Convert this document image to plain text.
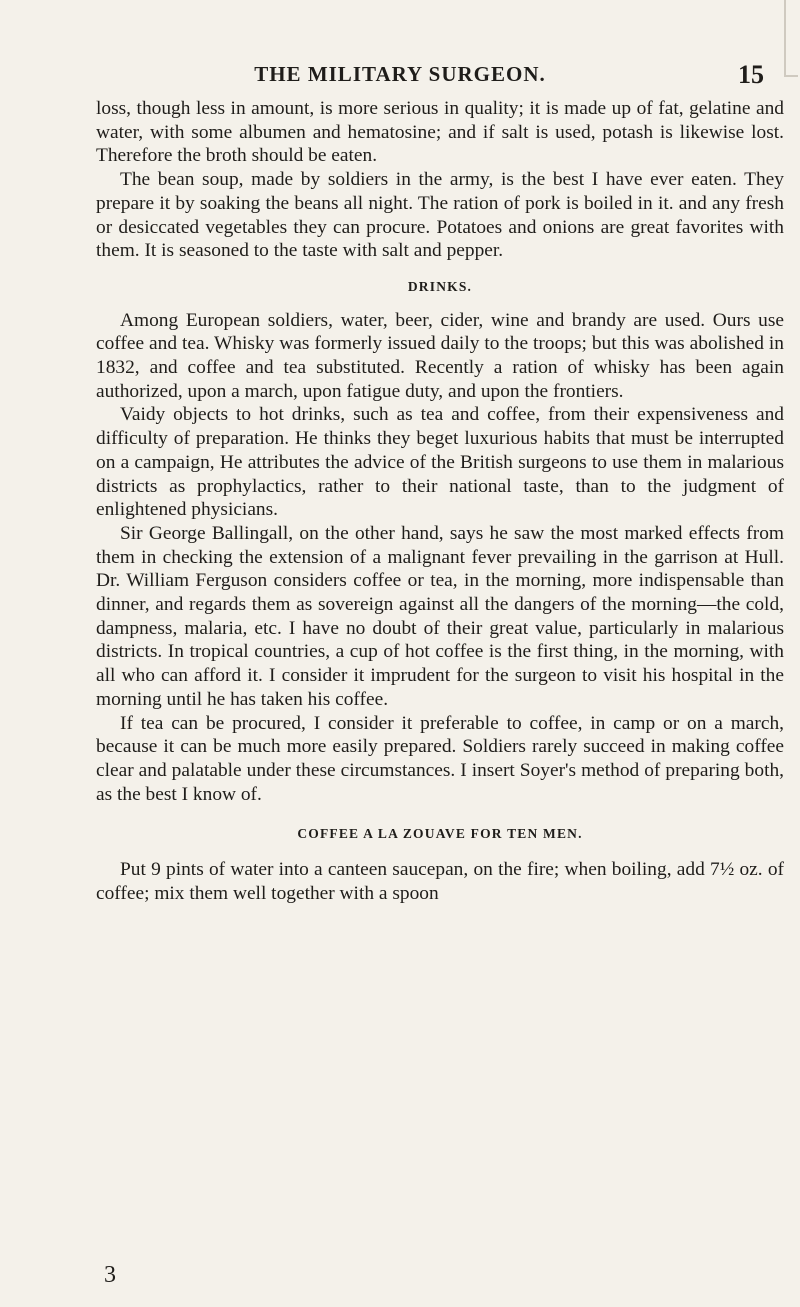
THE MILITARY SURGEON.	15

loss, though less in amount, is more serious in quality; it is made up of fat, gelatine and water, with some albumen and hematosine; and if salt is used, potash is likewise lost. Therefore the broth should be eaten.

The bean soup, made by soldiers in the army, is the best I have ever eaten. They prepare it by soaking the beans all night. The ration of pork is boiled in it. and any fresh or desiccated vegetables they can procure. Potatoes and onions are great favorites with them. It is seasoned to the taste with salt and pepper.

DRINKS.

Among European soldiers, water, beer, cider, wine and brandy are used. Ours use coffee and tea. Whisky was formerly issued daily to the troops; but this was abolished in 1832, and coffee and tea substituted. Recently a ration of whisky has been again authorized, upon a march, upon fatigue duty, and upon the frontiers.

Vaidy objects to hot drinks, such as tea and coffee, from their expensiveness and difficulty of preparation. He thinks they beget luxurious habits that must be interrupted on a campaign, He attributes the advice of the British surgeons to use them in malarious districts as prophylactics, rather to their national taste, than to the judgment of enlightened physicians.

Sir George Ballingall, on the other hand, says he saw the most marked effects from them in checking the extension of a malignant fever prevailing in the garrison at Hull. Dr. William Ferguson considers coffee or tea, in the morning, more indispensable than dinner, and regards them as sovereign against all the dangers of the morning—the cold, dampness, malaria, etc. I have no doubt of their great value, particularly in malarious districts. In tropical countries, a cup of hot coffee is the first thing, in the morning, with all who can afford it. I consider it imprudent for the surgeon to visit his hospital in the morning until he has taken his coffee.

If tea can be procured, I consider it preferable to coffee, in camp or on a march, because it can be much more easily prepared. Soldiers rarely succeed in making coffee clear and palatable under these circumstances. I insert Soyer's method of preparing both, as the best I know of.

COFFEE A LA ZOUAVE FOR TEN MEN.

Put 9 pints of water into a canteen saucepan, on the fire; when boiling, add 7½ oz. of coffee; mix them well together with a spoon

3
